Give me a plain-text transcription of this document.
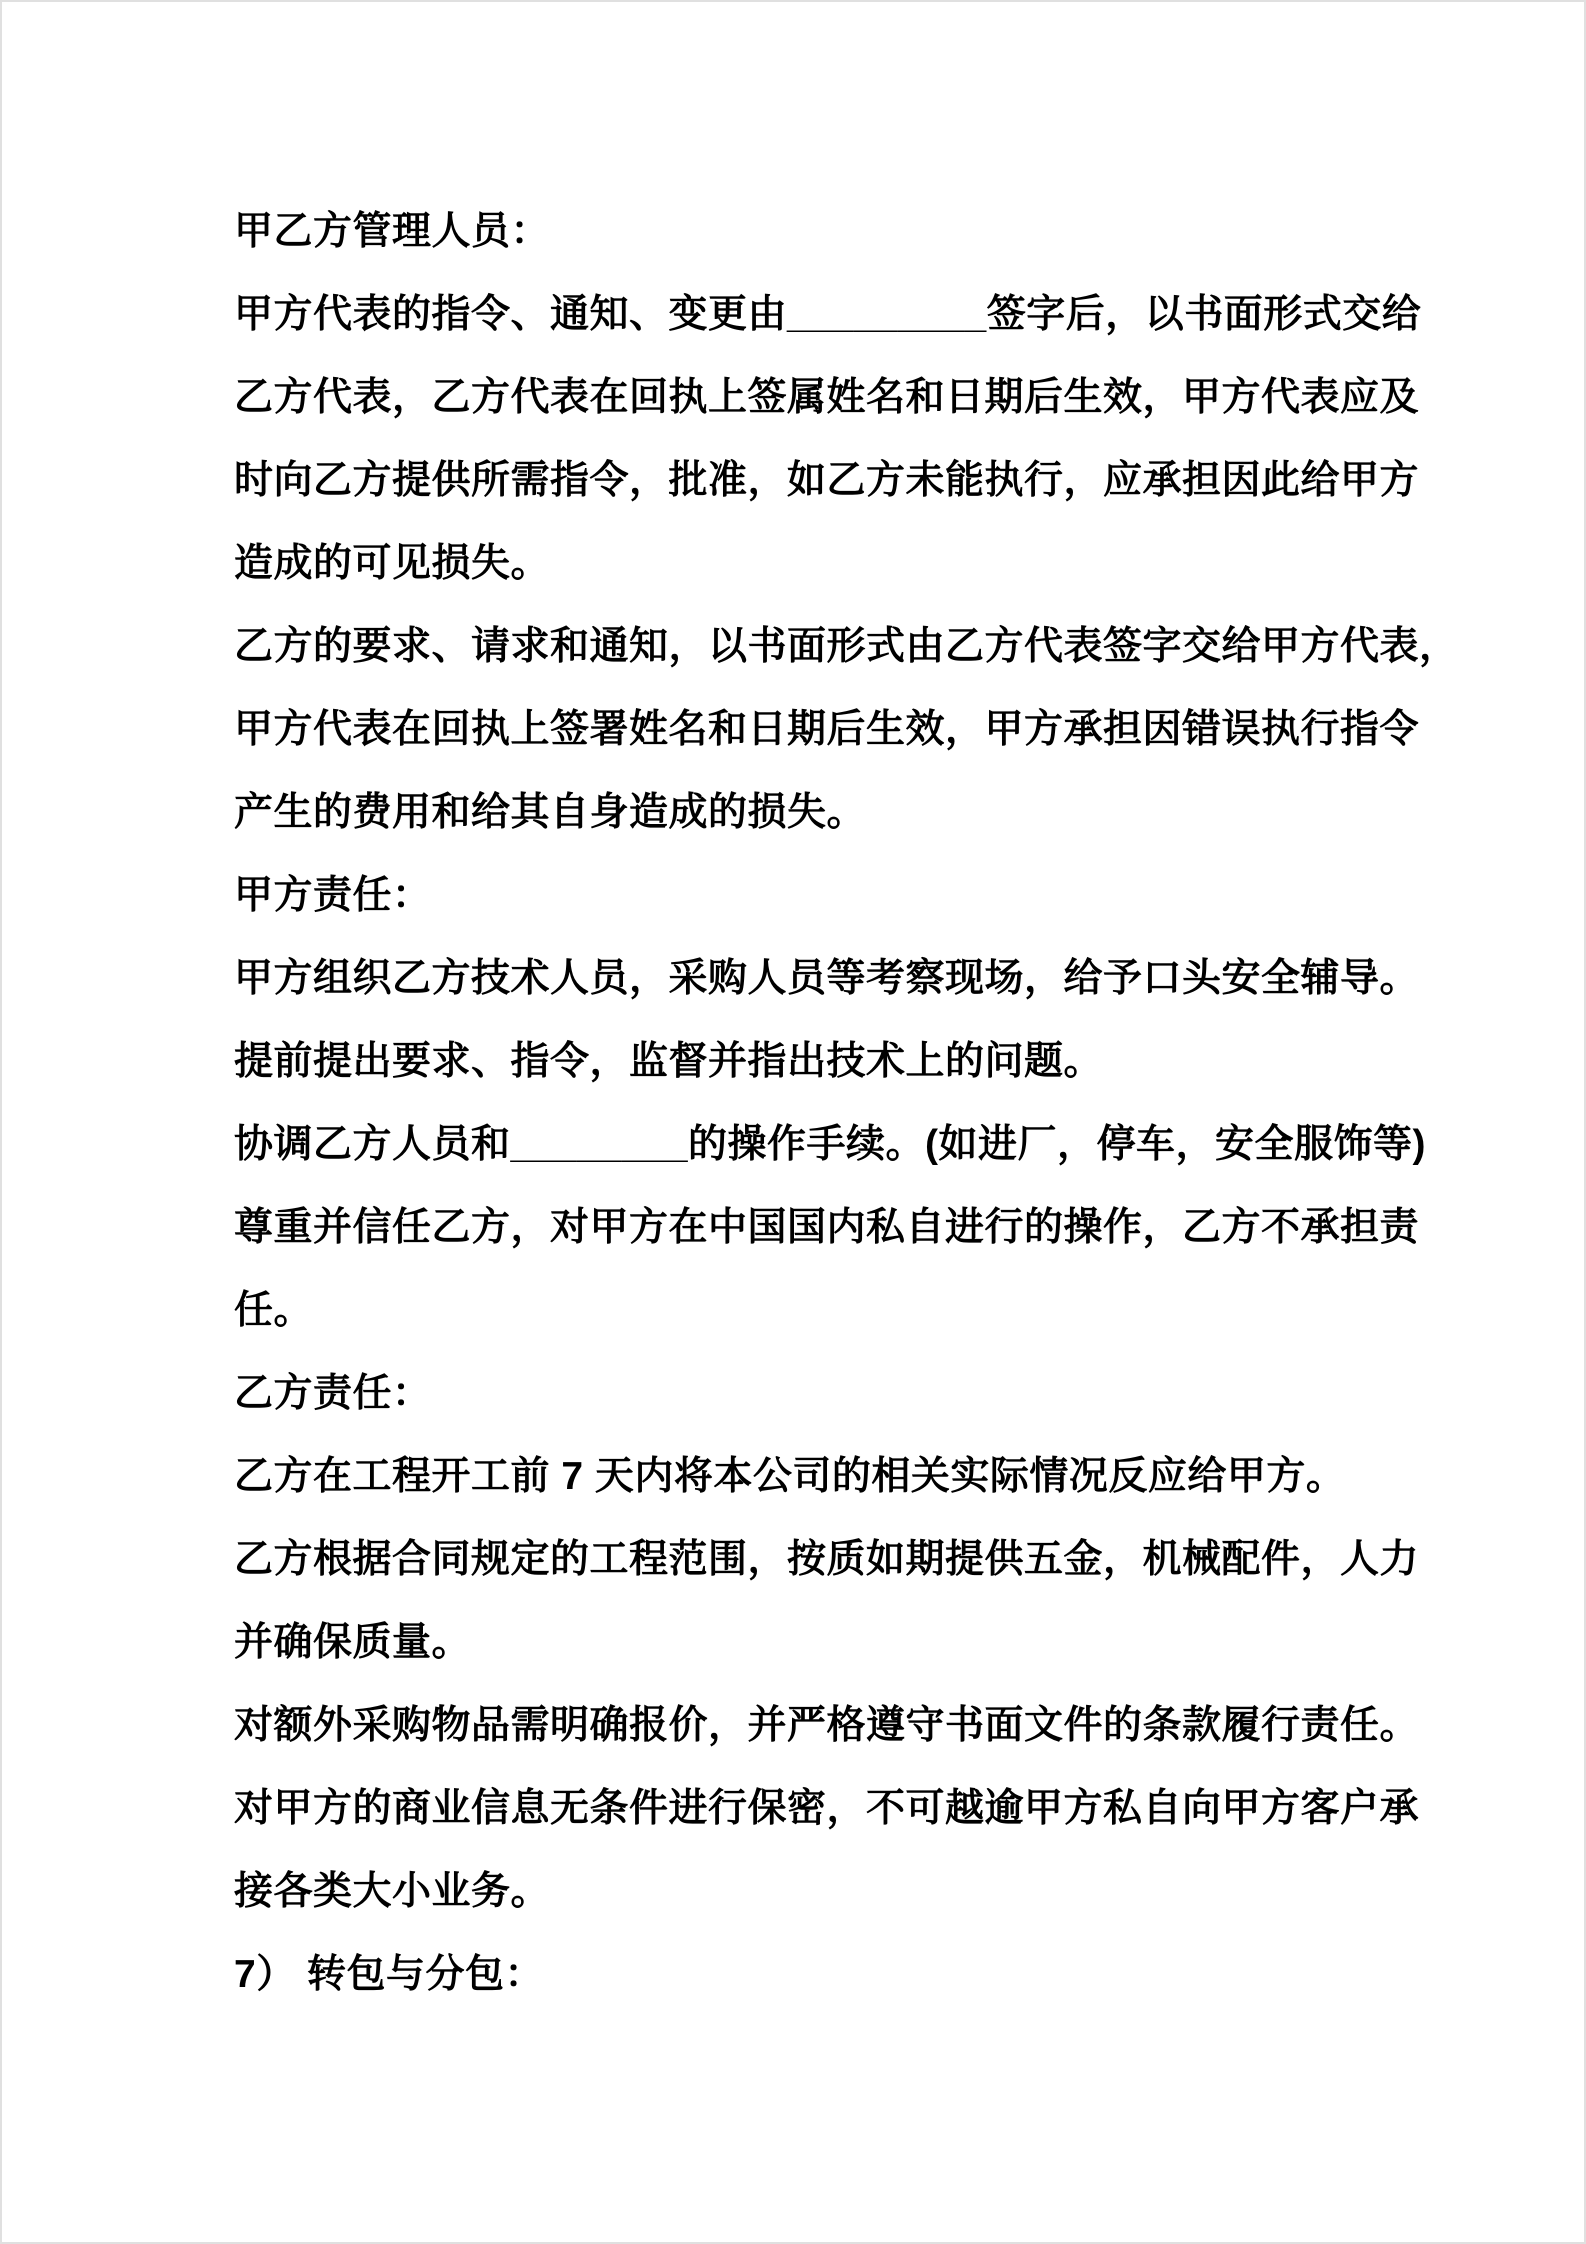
甲乙方管理人员：
甲方代表的指令、通知、变更由_________签字后，以书面形式交给
乙方代表，乙方代表在回执上签属姓名和日期后生效，甲方代表应及
时向乙方提供所需指令，批准，如乙方未能执行，应承担因此给甲方
造成的可见损失。
乙方的要求、请求和通知，以书面形式由乙方代表签字交给甲方代表，
甲方代表在回执上签署姓名和日期后生效，甲方承担因错误执行指令
产生的费用和给其自身造成的损失。
甲方责任：
甲方组织乙方技术人员，采购人员等考察现场，给予口头安全辅导。
提前提出要求、指令，监督并指出技术上的问题。
协调乙方人员和________的操作手续。(如进厂，停车，安全服饰等)
尊重并信任乙方，对甲方在中国国内私自进行的操作，乙方不承担责
任。
乙方责任：
乙方在工程开工前 7 天内将本公司的相关实际情况反应给甲方。
乙方根据合同规定的工程范围，按质如期提供五金，机械配件，人力
并确保质量。
对额外采购物品需明确报价，并严格遵守书面文件的条款履行责任。
对甲方的商业信息无条件进行保密，不可越逾甲方私自向甲方客户承
接各类大小业务。
7） 转包与分包：
